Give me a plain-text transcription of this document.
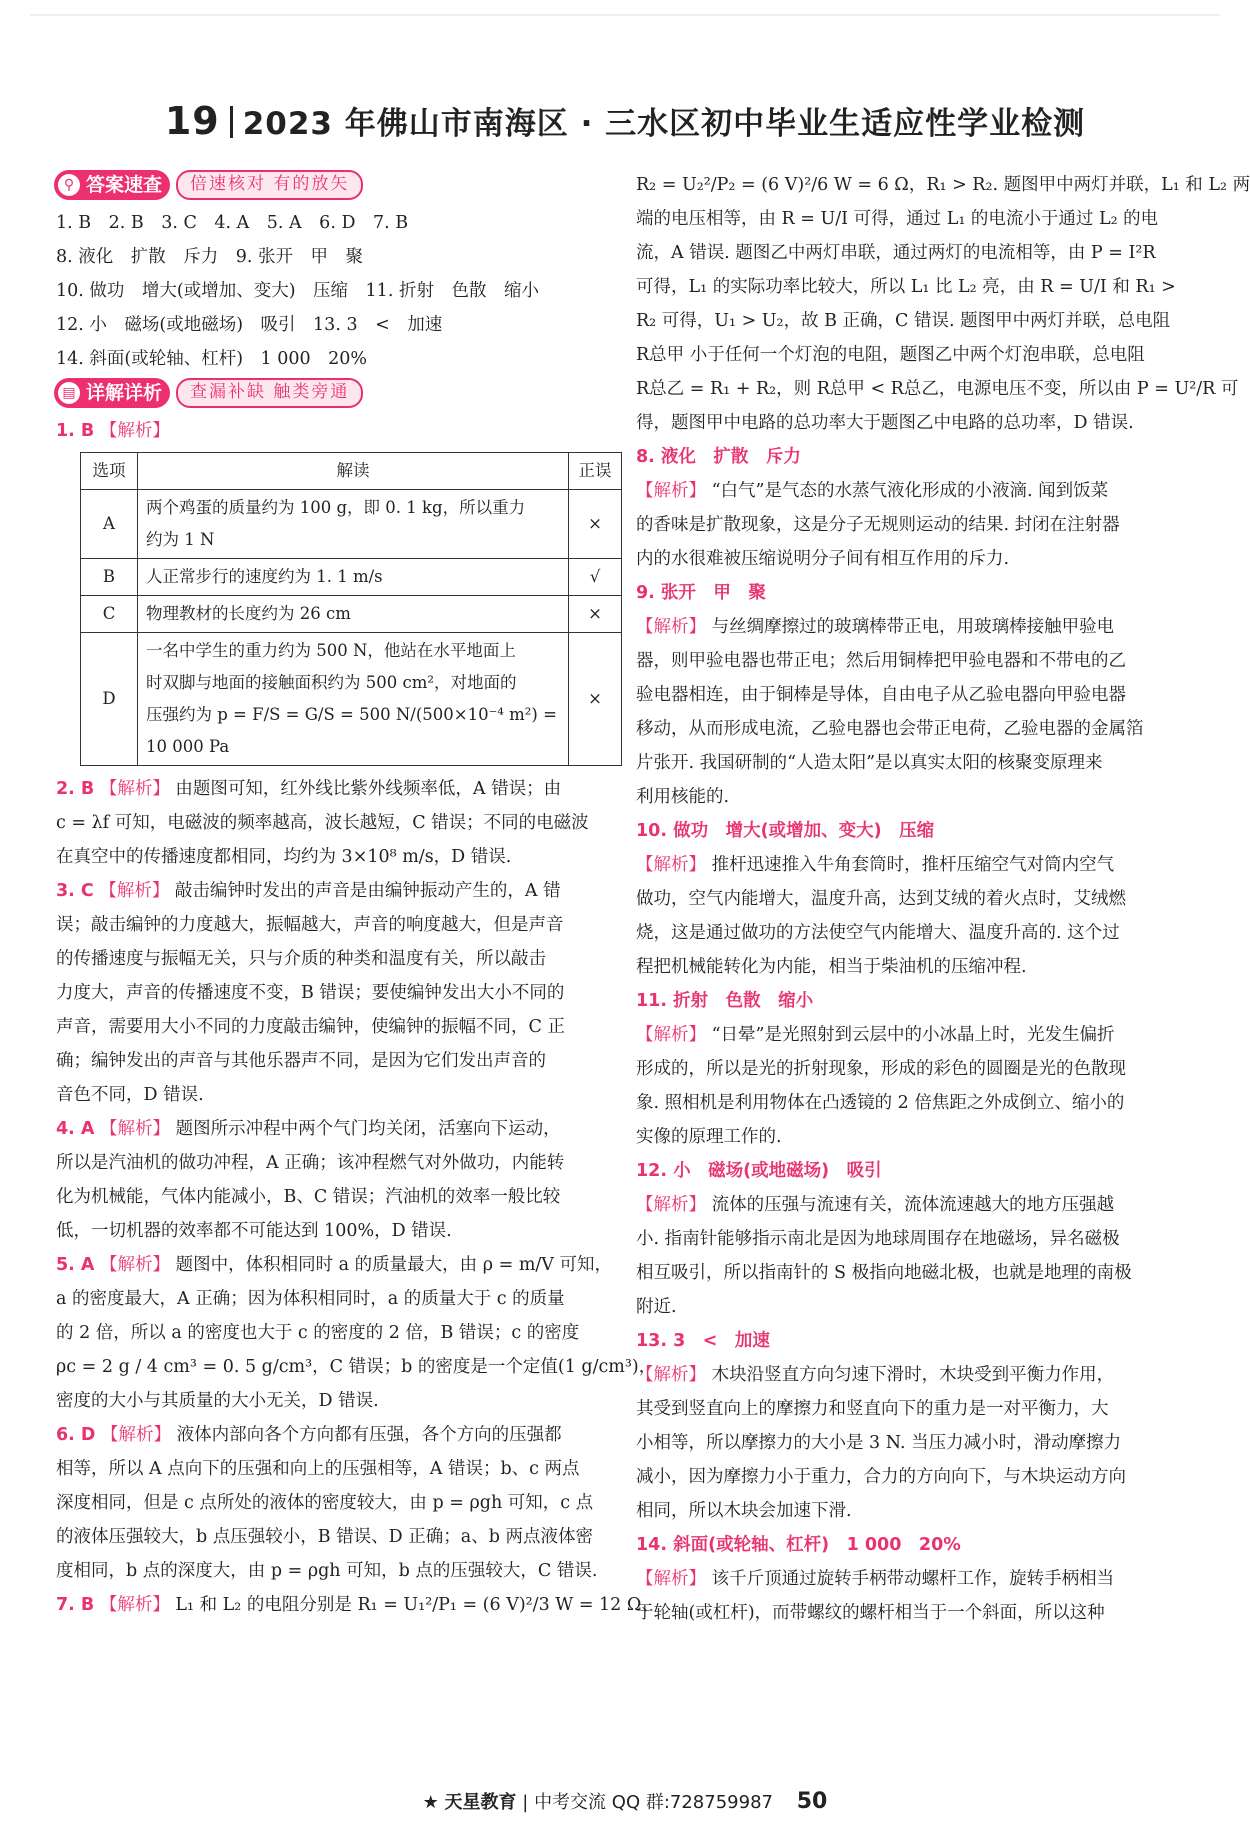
19 2023 年佛山市南海区 · 三水区初中毕业生适应性学业检测
⚲ 答案速查	倍速核对 有的放矢
1. B　2. B　3. C　4. A　5. A　6. D　7. B
8. 液化　扩散　斥力　9. 张开　甲　聚
10. 做功　增大(或增加、变大)　压缩　11. 折射　色散　缩小
12. 小　磁场(或地磁场)　吸引　13. 3　<　加速
14. 斜面(或轮轴、杠杆)　1 000　20%
▤ 详解详析	查漏补缺 触类旁通
1. B 【解析】
选项	解读	正误
A	两个鸡蛋的质量约为 100 g，即 0. 1 kg，所以重力
约为 1 N	×
B	人正常步行的速度约为 1. 1 m/s	√
C	物理教材的长度约为 26 cm	×
D	一名中学生的重力约为 500 N，他站在水平地面上
时双脚与地面的接触面积约为 500 cm²，对地面的
压强约为 p = F/S = G/S = 500 N/(500×10⁻⁴ m²) = 10 000 Pa	×
2. B 【解析】 由题图可知，红外线比紫外线频率低，A 错误；由
c = λf 可知，电磁波的频率越高，波长越短，C 错误；不同的电磁波
在真空中的传播速度都相同，均约为 3×10⁸ m/s，D 错误.
3. C 【解析】 敲击编钟时发出的声音是由编钟振动产生的，A 错
误；敲击编钟的力度越大，振幅越大，声音的响度越大，但是声音
的传播速度与振幅无关，只与介质的种类和温度有关，所以敲击
力度大，声音的传播速度不变，B 错误；要使编钟发出大小不同的
声音，需要用大小不同的力度敲击编钟，使编钟的振幅不同，C 正
确；编钟发出的声音与其他乐器声不同，是因为它们发出声音的
音色不同，D 错误.
4. A 【解析】 题图所示冲程中两个气门均关闭，活塞向下运动，
所以是汽油机的做功冲程，A 正确；该冲程燃气对外做功，内能转
化为机械能，气体内能减小，B、C 错误；汽油机的效率一般比较
低，一切机器的效率都不可能达到 100%，D 错误.
5. A 【解析】 题图中，体积相同时 a 的质量最大，由 ρ = m/V 可知，
a 的密度最大，A 正确；因为体积相同时，a 的质量大于 c 的质量
的 2 倍，所以 a 的密度也大于 c 的密度的 2 倍，B 错误；c 的密度
ρc = 2 g / 4 cm³ = 0. 5 g/cm³，C 错误；b 的密度是一个定值(1 g/cm³)，
密度的大小与其质量的大小无关，D 错误.
6. D 【解析】 液体内部向各个方向都有压强，各个方向的压强都
相等，所以 A 点向下的压强和向上的压强相等，A 错误；b、c 两点
深度相同，但是 c 点所处的液体的密度较大，由 p = ρgh 可知，c 点
的液体压强较大，b 点压强较小，B 错误、D 正确；a、b 两点液体密
度相同，b 点的深度大，由 p = ρgh 可知，b 点的压强较大，C 错误.
7. B 【解析】 L₁ 和 L₂ 的电阻分别是 R₁ = U₁²/P₁ = (6 V)²/3 W = 12 Ω、
R₂ = U₂²/P₂ = (6 V)²/6 W = 6 Ω，R₁ > R₂. 题图甲中两灯并联，L₁ 和 L₂ 两
端的电压相等，由 R = U/I 可得，通过 L₁ 的电流小于通过 L₂ 的电
流，A 错误. 题图乙中两灯串联，通过两灯的电流相等，由 P = I²R
可得，L₁ 的实际功率比较大，所以 L₁ 比 L₂ 亮，由 R = U/I 和 R₁ >
R₂ 可得，U₁ > U₂，故 B 正确，C 错误. 题图甲中两灯并联，总电阻
R总甲 小于任何一个灯泡的电阻，题图乙中两个灯泡串联，总电阻
R总乙 = R₁ + R₂，则 R总甲 < R总乙，电源电压不变，所以由 P = U²/R 可
得，题图甲中电路的总功率大于题图乙中电路的总功率，D 错误.
8. 液化　扩散　斥力
【解析】 “白气”是气态的水蒸气液化形成的小液滴. 闻到饭菜
的香味是扩散现象，这是分子无规则运动的结果. 封闭在注射器
内的水很难被压缩说明分子间有相互作用的斥力.
9. 张开　甲　聚
【解析】 与丝绸摩擦过的玻璃棒带正电，用玻璃棒接触甲验电
器，则甲验电器也带正电；然后用铜棒把甲验电器和不带电的乙
验电器相连，由于铜棒是导体，自由电子从乙验电器向甲验电器
移动，从而形成电流，乙验电器也会带正电荷，乙验电器的金属箔
片张开. 我国研制的“人造太阳”是以真实太阳的核聚变原理来
利用核能的.
10. 做功　增大(或增加、变大)　压缩
【解析】 推杆迅速推入牛角套筒时，推杆压缩空气对筒内空气
做功，空气内能增大，温度升高，达到艾绒的着火点时，艾绒燃
烧，这是通过做功的方法使空气内能增大、温度升高的. 这个过
程把机械能转化为内能，相当于柴油机的压缩冲程.
11. 折射　色散　缩小
【解析】 “日晕”是光照射到云层中的小冰晶上时，光发生偏折
形成的，所以是光的折射现象，形成的彩色的圆圈是光的色散现
象. 照相机是利用物体在凸透镜的 2 倍焦距之外成倒立、缩小的
实像的原理工作的.
12. 小　磁场(或地磁场)　吸引
【解析】 流体的压强与流速有关，流体流速越大的地方压强越
小. 指南针能够指示南北是因为地球周围存在地磁场，异名磁极
相互吸引，所以指南针的 S 极指向地磁北极，也就是地理的南极
附近.
13. 3　<　加速
【解析】 木块沿竖直方向匀速下滑时，木块受到平衡力作用，
其受到竖直向上的摩擦力和竖直向下的重力是一对平衡力，大
小相等，所以摩擦力的大小是 3 N. 当压力减小时，滑动摩擦力
减小，因为摩擦力小于重力，合力的方向向下，与木块运动方向
相同，所以木块会加速下滑.
14. 斜面(或轮轴、杠杆)　1 000　20%
【解析】 该千斤顶通过旋转手柄带动螺杆工作，旋转手柄相当
于轮轴(或杠杆)，而带螺纹的螺杆相当于一个斜面，所以这种
★ 天星教育 | 中考交流 QQ 群:728759987 50
